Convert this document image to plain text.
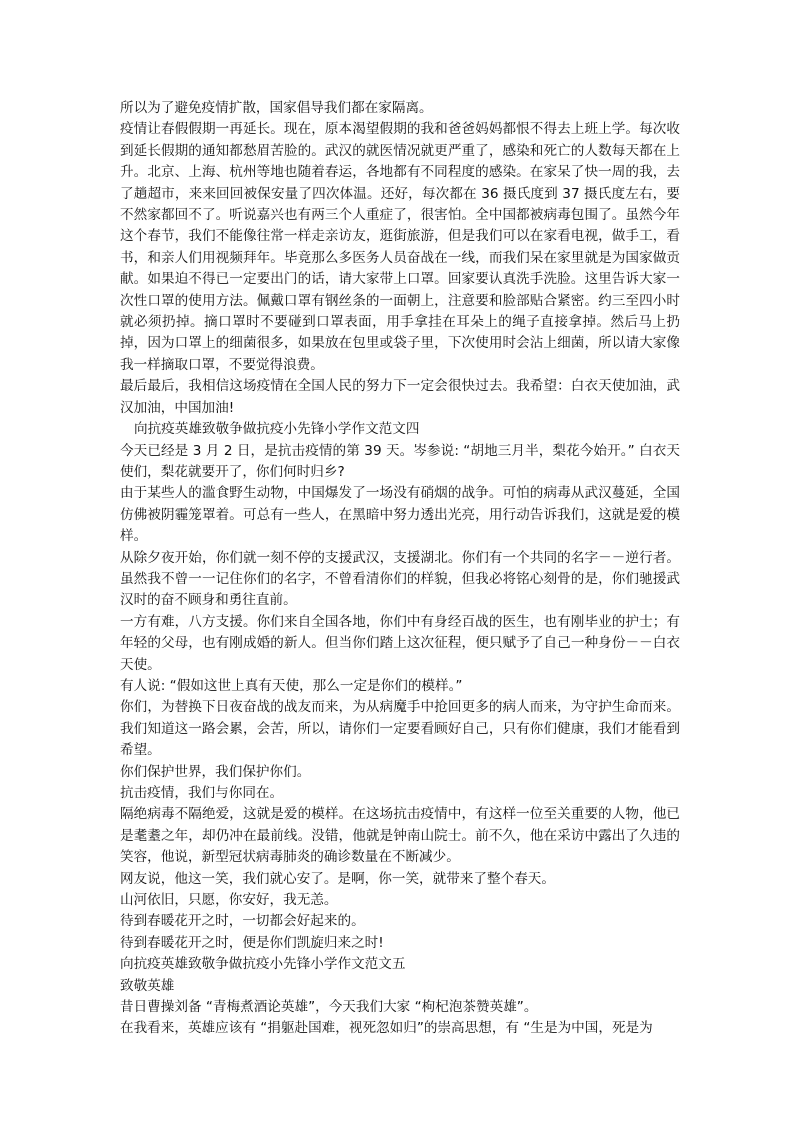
所以为了避免疫情扩散，国家倡导我们都在家隔离。

疫情让春假假期一再延长。现在，原本渴望假期的我和爸爸妈妈都恨不得去上班上学。每次收到延长假期的通知都愁眉苦脸的。武汉的就医情况就更严重了，感染和死亡的人数每天都在上升。北京、上海、杭州等地也随着春运，各地都有不同程度的感染。在家呆了快一周的我，去了趟超市，来来回回被保安量了四次体温。还好，每次都在 36 摄氏度到 37 摄氏度左右，要不然家都回不了。听说嘉兴也有两三个人重症了，很害怕。全中国都被病毒包围了。虽然今年这个春节，我们不能像往常一样走亲访友，逛街旅游，但是我们可以在家看电视，做手工，看书，和亲人们用视频拜年。毕竟那么多医务人员奋战在一线，而我们呆在家里就是为国家做贡献。如果迫不得已一定要出门的话，请大家带上口罩。回家要认真洗手洗脸。这里告诉大家一次性口罩的使用方法。佩戴口罩有钢丝条的一面朝上，注意要和脸部贴合紧密。约三至四小时就必须扔掉。摘口罩时不要碰到口罩表面，用手拿挂在耳朵上的绳子直接拿掉。然后马上扔掉，因为口罩上的细菌很多，如果放在包里或袋子里，下次使用时会沾上细菌，所以请大家像我一样摘取口罩，不要觉得浪费。

最后最后，我相信这场疫情在全国人民的努力下一定会很快过去。我希望：白衣天使加油，武汉加油，中国加油!

向抗疫英雄致敬争做抗疫小先锋小学作文范文四

今天已经是 3 月 2 日，是抗击疫情的第 39 天。岑参说: “胡地三月半，梨花今始开。” 白衣天使们，梨花就要开了，你们何时归乡?

由于某些人的滥食野生动物，中国爆发了一场没有硝烟的战争。可怕的病毒从武汉蔓延，全国仿佛被阴霾笼罩着。可总有一些人，在黑暗中努力透出光亮，用行动告诉我们，这就是爱的模样。

从除夕夜开始，你们就一刻不停的支援武汉，支援湖北。你们有一个共同的名字－－逆行者。虽然我不曾一一记住你们的名字，不曾看清你们的样貌，但我必将铭心刻骨的是，你们驰援武汉时的奋不顾身和勇往直前。

一方有难，八方支援。你们来自全国各地，你们中有身经百战的医生，也有刚毕业的护士；有年轻的父母，也有刚成婚的新人。但当你们踏上这次征程，便只赋予了自己一种身份－－白衣天使。

有人说: “假如这世上真有天使，那么一定是你们的模样。”

你们，为替换下日夜奋战的战友而来，为从病魔手中抢回更多的病人而来，为守护生命而来。我们知道这一路会累，会苦，所以，请你们一定要看顾好自己，只有你们健康，我们才能看到希望。

你们保护世界，我们保护你们。

抗击疫情，我们与你同在。

隔绝病毒不隔绝爱，这就是爱的模样。在这场抗击疫情中，有这样一位至关重要的人物，他已是耄耋之年，却仍冲在最前线。没错，他就是钟南山院士。前不久，他在采访中露出了久违的笑容，他说，新型冠状病毒肺炎的确诊数量在不断减少。

网友说，他这一笑，我们就心安了。是啊，你一笑，就带来了整个春天。

山河依旧，只愿，你安好，我无恙。

待到春暖花开之时，一切都会好起来的。

待到春暖花开之时，便是你们凯旋归来之时!

向抗疫英雄致敬争做抗疫小先锋小学作文范文五

致敬英雄

昔日曹操刘备 “青梅煮酒论英雄”，今天我们大家 “枸杞泡茶赞英雄”。

在我看来，英雄应该有 “捐躯赴国难，视死忽如归”的崇高思想，有 “生是为中国，死是为
